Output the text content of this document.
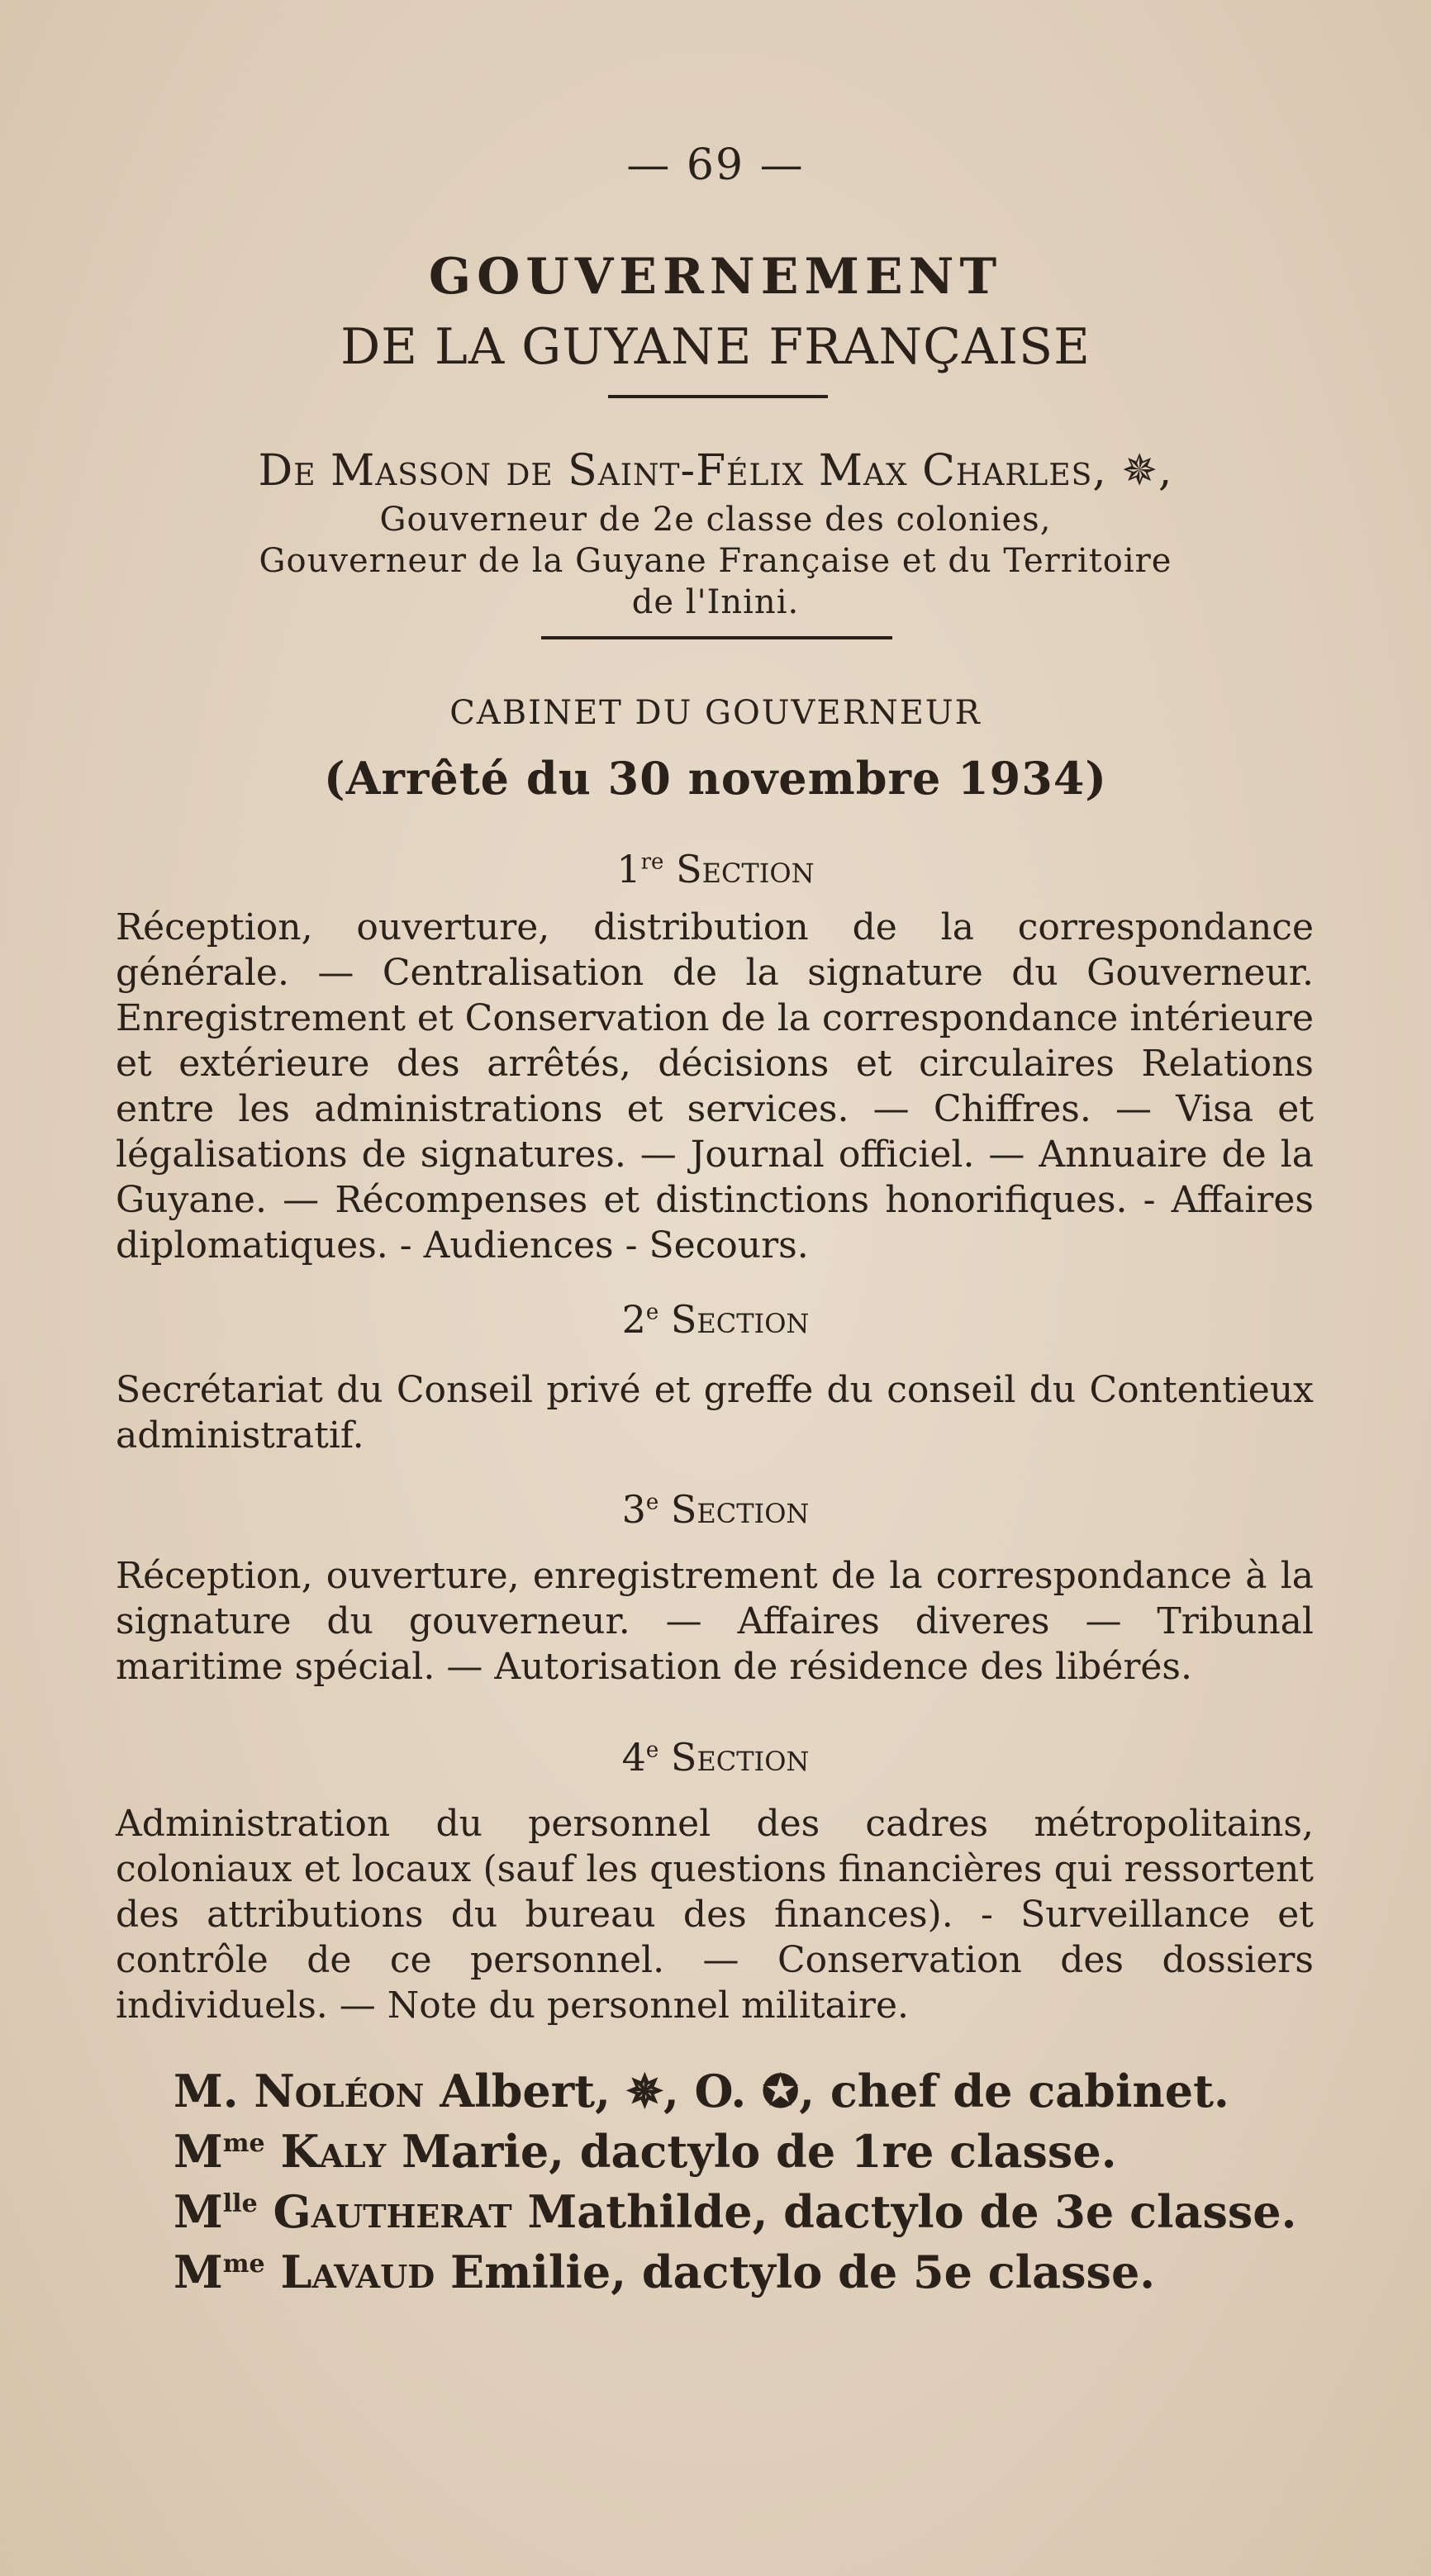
— 69 —
GOUVERNEMENT
DE LA GUYANE FRANÇAISE
De Masson de Saint-Félix Max Charles, ✵,
Gouverneur de 2e classe des colonies,
Gouverneur de la Guyane Française et du Territoire
de l'Inini.
CABINET DU GOUVERNEUR
(Arrêté du 30 novembre 1934)
1re Section
Réception, ouverture, distribution de la correspondance générale. — Centralisation de la signature du Gouverneur. Enregistrement et Conservation de la correspondance intérieure et extérieure des arrêtés, décisions et circulaires Relations entre les administrations et services. — Chiffres. — Visa et légalisations de signatures. — Journal officiel. — Annuaire de la Guyane. — Récompenses et distinctions honorifiques. - Affaires diplomatiques. - Audiences - Secours.
2e Section
Secrétariat du Conseil privé et greffe du conseil du Contentieux administratif.
3e Section
Réception, ouverture, enregistrement de la correspondance à la signature du gouverneur. — Affaires diveres — Tribunal maritime spécial. — Autorisation de résidence des libérés.
4e Section
Administration du personnel des cadres métropolitains, coloniaux et locaux (sauf les questions financières qui ressortent des attributions du bureau des finances). - Surveillance et contrôle de ce personnel. — Conservation des dossiers individuels. — Note du personnel militaire.
M. Noléon Albert, ✵, O. ✪, chef de cabinet.
$M^{me}$ Kaly Marie, dactylo de 1re classe.
$M^{lle}$ Gautherat Mathilde, dactylo de 3e classe.
$M^{me}$ Lavaud Emilie, dactylo de 5e classe.
